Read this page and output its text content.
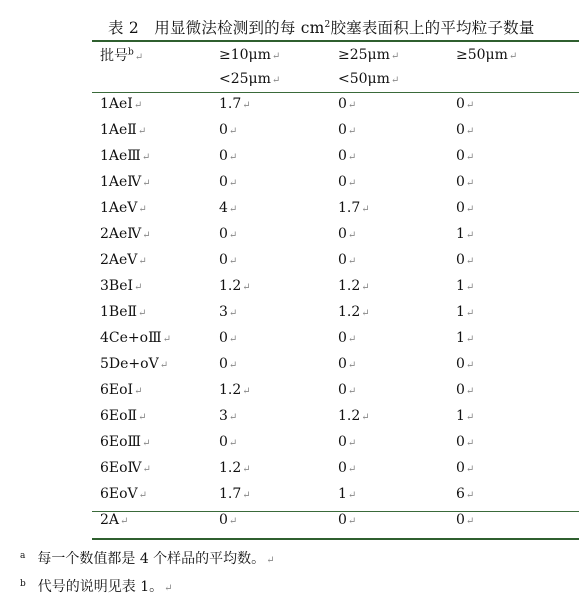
表 2 用显微法检测到的每 $cm^2$胶塞表面积上的平均粒子数量
批号$^b$↵	≥10μm↵	≥25μm↵	≥50μm↵
	<25μm↵	<50μm↵	
1AeⅠ↵	1.7↵	0↵	0↵
1AeⅡ↵	0↵	0↵	0↵
1AeⅢ↵	0↵	0↵	0↵
1AeⅣ↵	0↵	0↵	0↵
1AeⅤ↵	4↵	1.7↵	0↵
2AeⅣ↵	0↵	0↵	1↵
2AeⅤ↵	0↵	0↵	0↵
3BeⅠ↵	1.2↵	1.2↵	1↵
1BeⅡ↵	3↵	1.2↵	1↵
4Ce+oⅢ↵	0↵	0↵	1↵
5De+oⅤ↵	0↵	0↵	0↵
6EoⅠ↵	1.2↵	0↵	0↵
6EoⅡ↵	3↵	1.2↵	1↵
6EoⅢ↵	0↵	0↵	0↵
6EoⅣ↵	1.2↵	0↵	0↵
6EoⅤ↵	1.7↵	1↵	6↵
2A↵	0↵	0↵	0↵
$^a$ 每一个数值都是 4 个样品的平均数。↵
$^b$ 代号的说明见表 1。↵
